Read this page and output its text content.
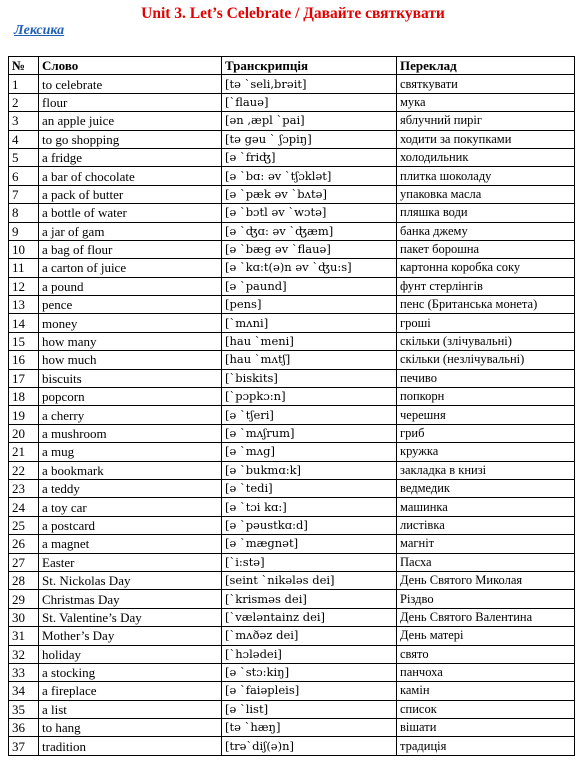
Unit 3. Let’s Celebrate / Давайте святкувати
Лексика
№	Слово	Транскрипція	Переклад
1	to celebrate	[tə `seli,brəit]	святкувати
2	flour	[`flauə]	мука
3	an apple juice	[ən ,æpl `pai]	яблучний пиріг
4	to go shopping	[tə gəu ` ʃɔpiŋ]	ходити за покупками
5	a fridge	[ə `friʤ]	холодильник
6	a bar of chocolate	[ə `bɑ: əv `tʃɔklət]	плитка шоколаду
7	a pack of butter	[ə `pæk əv `bʌtə]	упаковка масла
8	a bottle of water	[ə `bɔtl əv `wɔtə]	пляшка води
9	a jar of gam	[ə `ʤɑ: əv `ʤæm]	банка джему
10	a bag of flour	[ə `bæg əv `flauə]	пакет борошна
11	a carton of juice	[ə `kɑ:t(ə)n əv `ʤu:s]	картонна коробка соку
12	a pound	[ə `paund]	фунт стерлінгів
13	pence	[pens]	пенс (Британська монета)
14	money	[`mʌni]	гроші
15	how many	[hau `meni]	скільки (злічувальні)
16	how much	[hau `mʌtʃ]	скільки (незлічувальні)
17	biscuits	[`biskits]	печиво
18	popcorn	[`pɔpkɔ:n]	попкорн
19	a cherry	[ə `tʃeri]	черешня
20	a mushroom	[ə `mʌʃrum]	гриб
21	a mug	[ə `mʌg]	кружка
22	a bookmark	[ə `bukmɑ:k]	закладка в книзі
23	a teddy	[ə `tedi]	ведмедик
24	a toy car	[ə `tɔi kɑ:]	машинка
25	a postcard	[ə `pəustkɑ:d]	листівка
26	a magnet	[ə `mægnət]	магніт
27	Easter	[`i:stə]	Пасха
28	St. Nickolas Day	[seint `nikələs dei]	День Святого Миколая
29	Christmas Day	[`krisməs dei]	Різдво
30	St. Valentine’s Day	[`væləntainz dei]	День Святого Валентина
31	Mother’s Day	[`mʌðəz dei]	День матері
32	holiday	[`hɔlədei]	свято
33	a stocking	[ə `stɔ:kiŋ]	панчоха
34	a fireplace	[ə `faiəpleis]	камін
35	a list	[ə `list]	список
36	to hang	[tə `hæŋ]	вішати
37	tradition	[trə`diʃ(ə)n]	традиція
